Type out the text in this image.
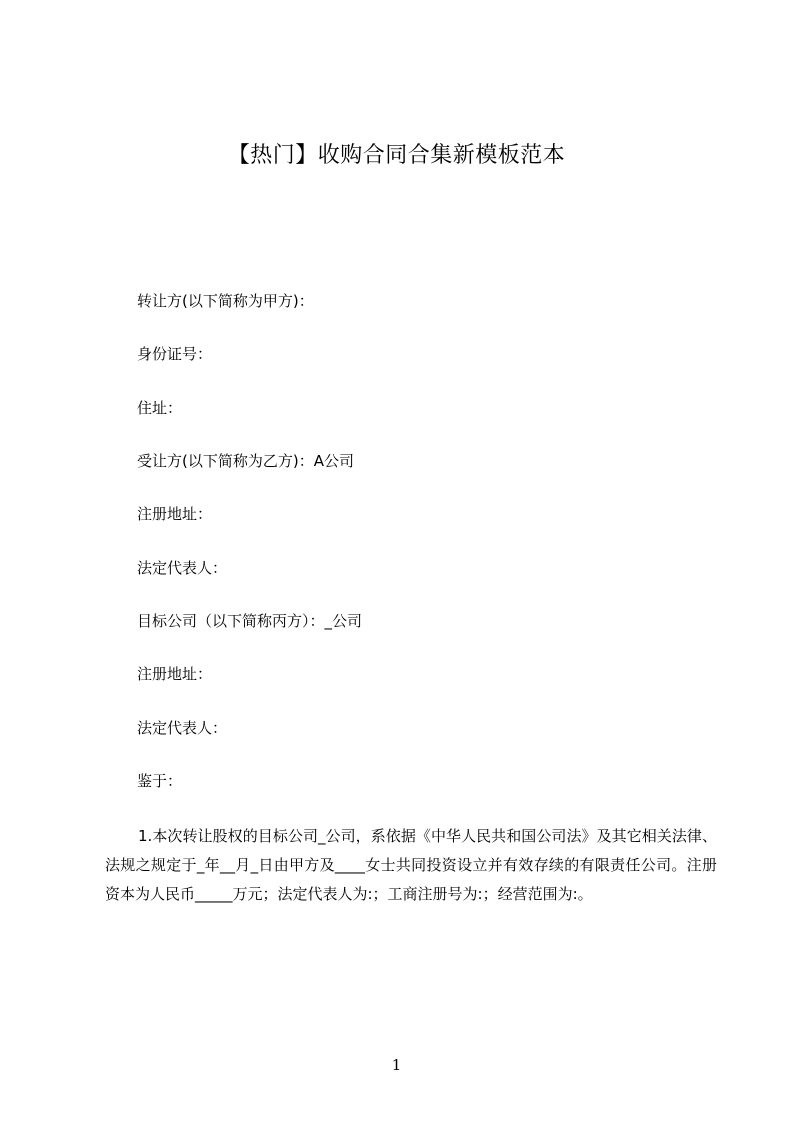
【热门】收购合同合集新模板范本
转让方(以下简称为甲方)：
身份证号：
住址：
受让方(以下简称为乙方)：A公司
注册地址：
法定代表人：
目标公司（以下简称丙方）：_公司
注册地址：
法定代表人：
鉴于：
1.本次转让股权的目标公司_公司，系依据《中华人民共和国公司法》及其它相关法律、法规之规定于_年__月_日由甲方及____女士共同投资设立并有效存续的有限责任公司。注册资本为人民币_____万元；法定代表人为:；工商注册号为:；经营范围为:。
1
